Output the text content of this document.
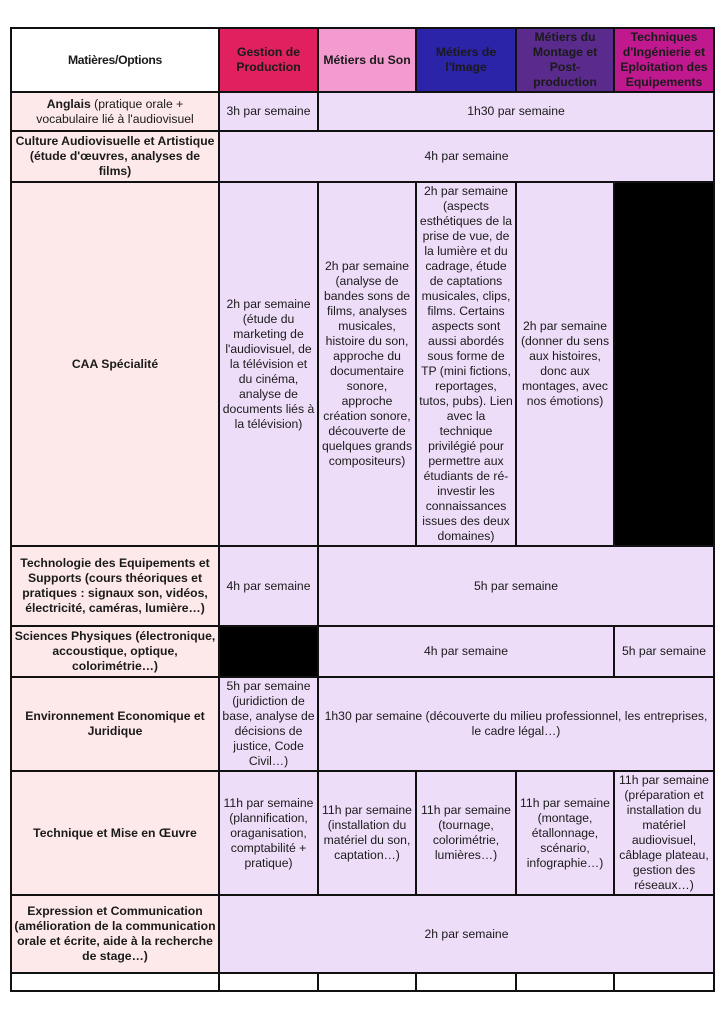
Matières/Options	Gestion de Production	Métiers du Son	Métiers de l'Image	Métiers du Montage et Post-production	Techniques d'Ingénierie et Eploitation des Equipements
Anglais (pratique orale + vocabulaire lié à l'audiovisuel	3h par semaine	1h30 par semaine			
Culture Audiovisuelle et Artistique (étude d'œuvres, analyses de films)	4h par semaine				
CAA Spécialité	2h par semaine (étude du marketing de l'audiovisuel, de la télévision et du cinéma, analyse de documents liés à la télévision)	2h par semaine (analyse de bandes sons de films, analyses musicales, histoire du son, approche du documentaire sonore, approche création sonore, découverte de quelques grands compositeurs)	2h par semaine (aspects esthétiques de la prise de vue, de la lumière et du cadrage, étude de captations musicales, clips, films. Certains aspects sont aussi abordés sous forme de TP (mini fictions, reportages, tutos, pubs). Lien avec la technique privilégié pour permettre aux étudiants de ré-investir les connaissances issues des deux domaines)	2h par semaine (donner du sens aux histoires, donc aux montages, avec nos émotions)	
Technologie des Equipements et Supports (cours théoriques et pratiques : signaux son, vidéos, électricité, caméras, lumière…)	4h par semaine	5h par semaine			
Sciences Physiques (électronique, accoustique, optique, colorimétrie…)		4h par semaine			5h par semaine
Environnement Economique et Juridique	5h par semaine (juridiction de base, analyse de décisions de justice, Code Civil…)	1h30 par semaine (découverte du milieu professionnel, les entreprises, le cadre légal…)			
Technique et Mise en Œuvre	11h par semaine (plannification, oraganisation, comptabilité + pratique)	11h par semaine (installation du matériel du son, captation…)	11h par semaine (tournage, colorimétrie, lumières…)	11h par semaine (montage, étallonnage, scénario, infographie…)	11h par semaine (préparation et installation du matériel audiovisuel, câblage plateau, gestion des réseaux…)
Expression et Communication (amélioration de la communication orale et écrite, aide à la recherche de stage…)	2h par semaine				
